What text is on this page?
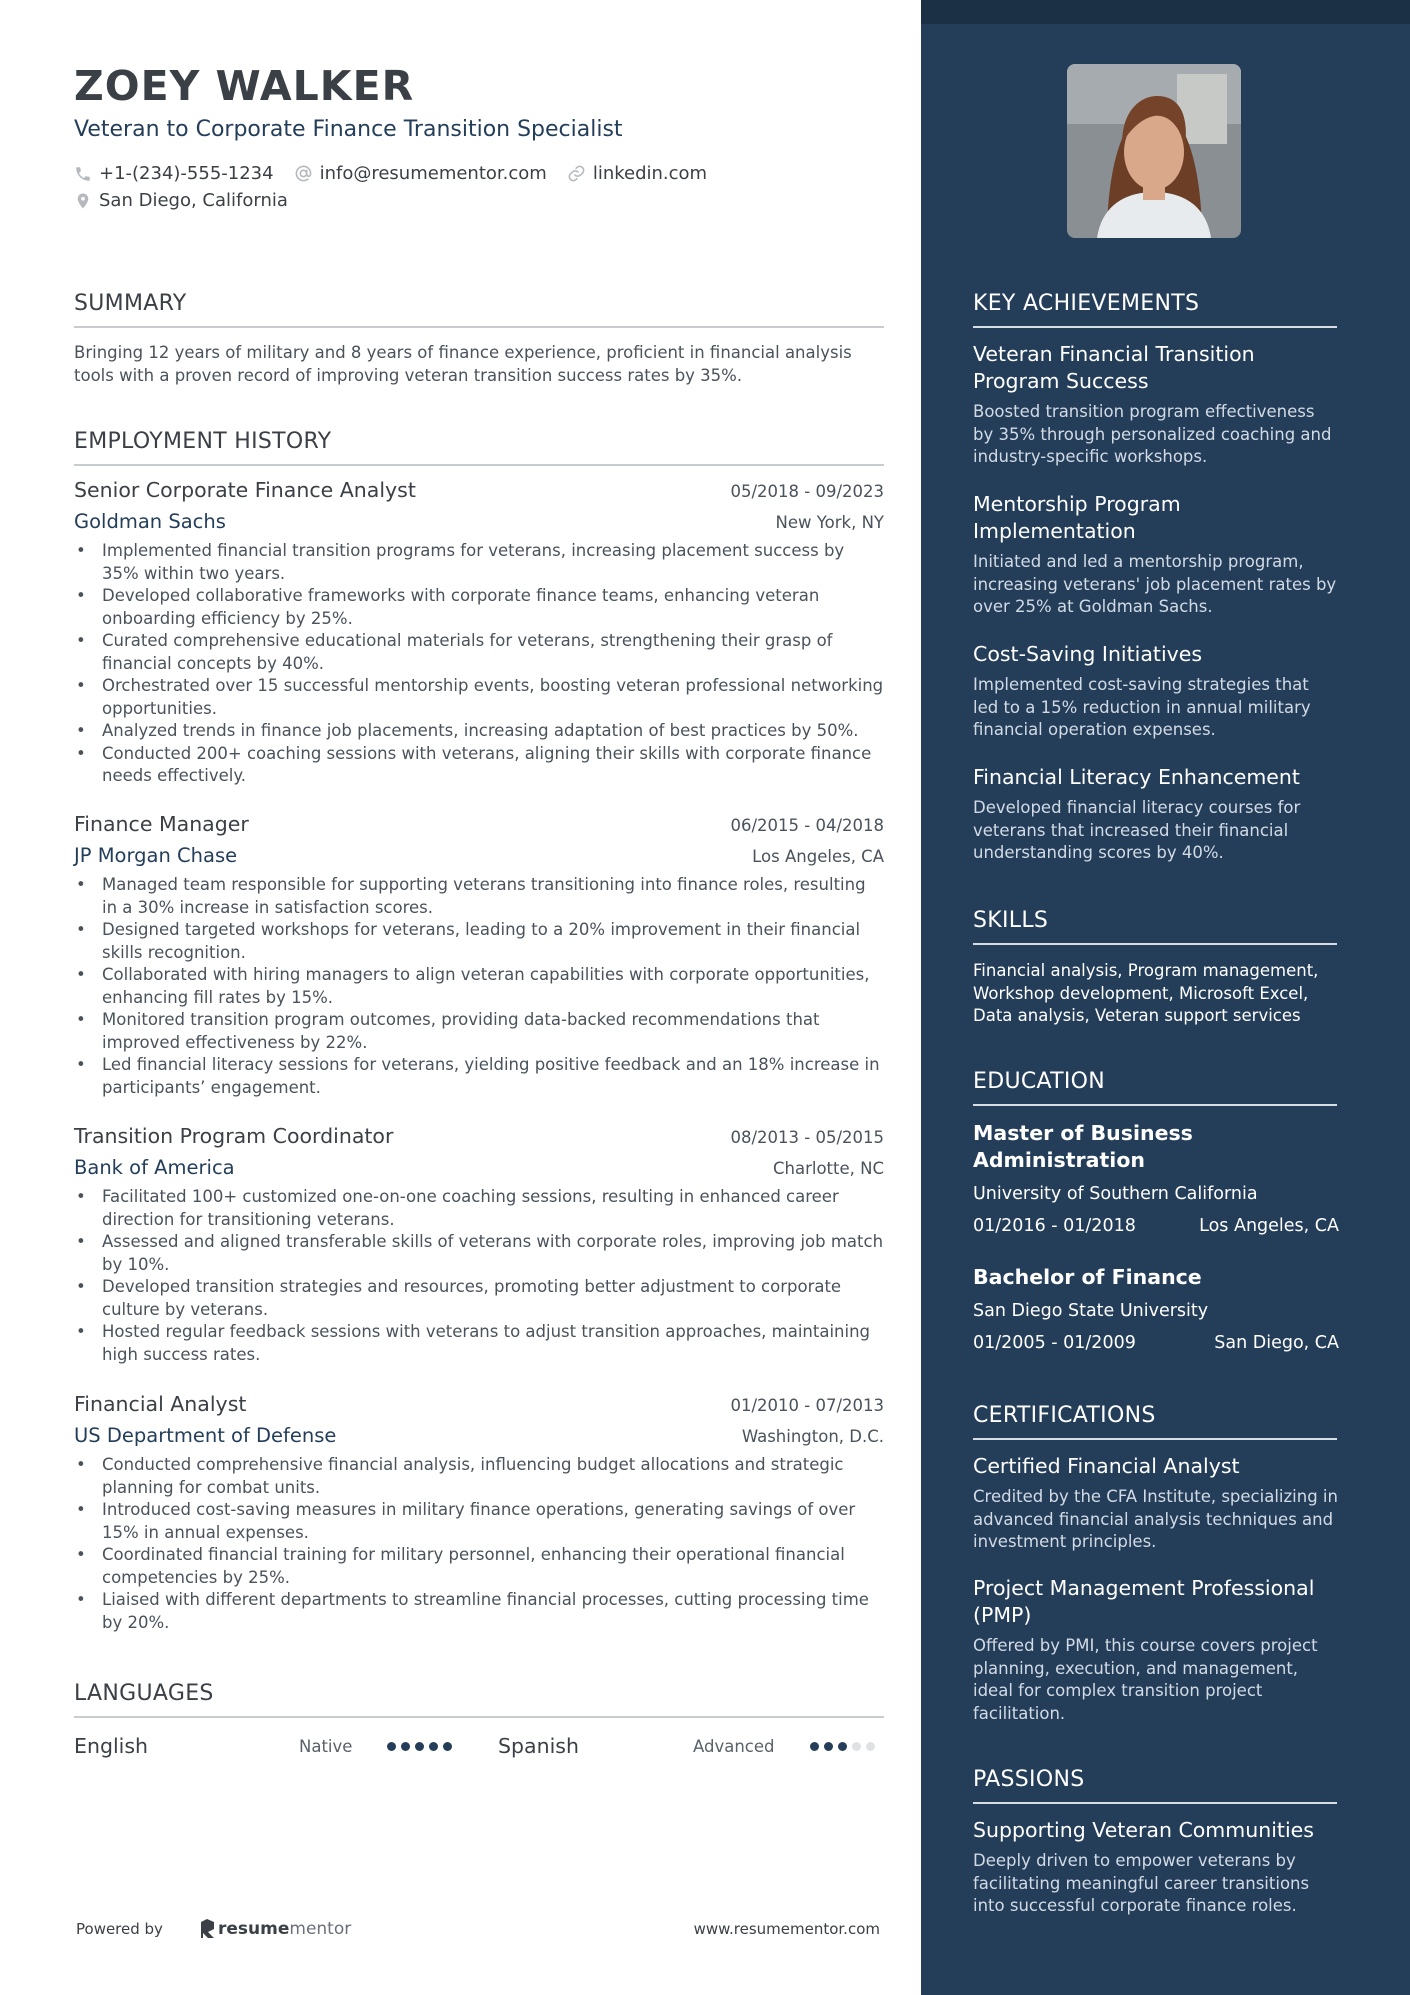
ZOEY WALKER
Veteran to Corporate Finance Transition Specialist
+1-(234)-555-1234	info@resumementor.com	linkedin.com
San Diego, California
SUMMARY
Bringing 12 years of military and 8 years of finance experience, proficient in financial analysis tools with a proven record of improving veteran transition success rates by 35%.
EMPLOYMENT HISTORY
Senior Corporate Finance Analyst	05/2018 - 09/2023
Goldman Sachs	New York, NY
• Implemented financial transition programs for veterans, increasing placement success by 35% within two years.
• Developed collaborative frameworks with corporate finance teams, enhancing veteran onboarding efficiency by 25%.
• Curated comprehensive educational materials for veterans, strengthening their grasp of financial concepts by 40%.
• Orchestrated over 15 successful mentorship events, boosting veteran professional networking opportunities.
• Analyzed trends in finance job placements, increasing adaptation of best practices by 50%.
• Conducted 200+ coaching sessions with veterans, aligning their skills with corporate finance needs effectively.
Finance Manager	06/2015 - 04/2018
JP Morgan Chase	Los Angeles, CA
• Managed team responsible for supporting veterans transitioning into finance roles, resulting in a 30% increase in satisfaction scores.
• Designed targeted workshops for veterans, leading to a 20% improvement in their financial skills recognition.
• Collaborated with hiring managers to align veteran capabilities with corporate opportunities, enhancing fill rates by 15%.
• Monitored transition program outcomes, providing data-backed recommendations that improved effectiveness by 22%.
• Led financial literacy sessions for veterans, yielding positive feedback and an 18% increase in participants’ engagement.
Transition Program Coordinator	08/2013 - 05/2015
Bank of America	Charlotte, NC
• Facilitated 100+ customized one-on-one coaching sessions, resulting in enhanced career direction for transitioning veterans.
• Assessed and aligned transferable skills of veterans with corporate roles, improving job match by 10%.
• Developed transition strategies and resources, promoting better adjustment to corporate culture by veterans.
• Hosted regular feedback sessions with veterans to adjust transition approaches, maintaining high success rates.
Financial Analyst	01/2010 - 07/2013
US Department of Defense	Washington, D.C.
• Conducted comprehensive financial analysis, influencing budget allocations and strategic planning for combat units.
• Introduced cost-saving measures in military finance operations, generating savings of over 15% in annual expenses.
• Coordinated financial training for military personnel, enhancing their operational financial competencies by 25%.
• Liaised with different departments to streamline financial processes, cutting processing time by 20%.
LANGUAGES
English	Native	Spanish	Advanced
Powered by	resumementor	www.resumementor.com
KEY ACHIEVEMENTS
Veteran Financial Transition Program Success
Boosted transition program effectiveness by 35% through personalized coaching and industry-specific workshops.
Mentorship Program Implementation
Initiated and led a mentorship program, increasing veterans' job placement rates by over 25% at Goldman Sachs.
Cost-Saving Initiatives
Implemented cost-saving strategies that led to a 15% reduction in annual military financial operation expenses.
Financial Literacy Enhancement
Developed financial literacy courses for veterans that increased their financial understanding scores by 40%.
SKILLS
Financial analysis, Program management, Workshop development, Microsoft Excel, Data analysis, Veteran support services
EDUCATION
Master of Business Administration
University of Southern California
01/2016 - 01/2018	Los Angeles, CA
Bachelor of Finance
San Diego State University
01/2005 - 01/2009	San Diego, CA
CERTIFICATIONS
Certified Financial Analyst
Credited by the CFA Institute, specializing in advanced financial analysis techniques and investment principles.
Project Management Professional (PMP)
Offered by PMI, this course covers project planning, execution, and management, ideal for complex transition project facilitation.
PASSIONS
Supporting Veteran Communities
Deeply driven to empower veterans by facilitating meaningful career transitions into successful corporate finance roles.
